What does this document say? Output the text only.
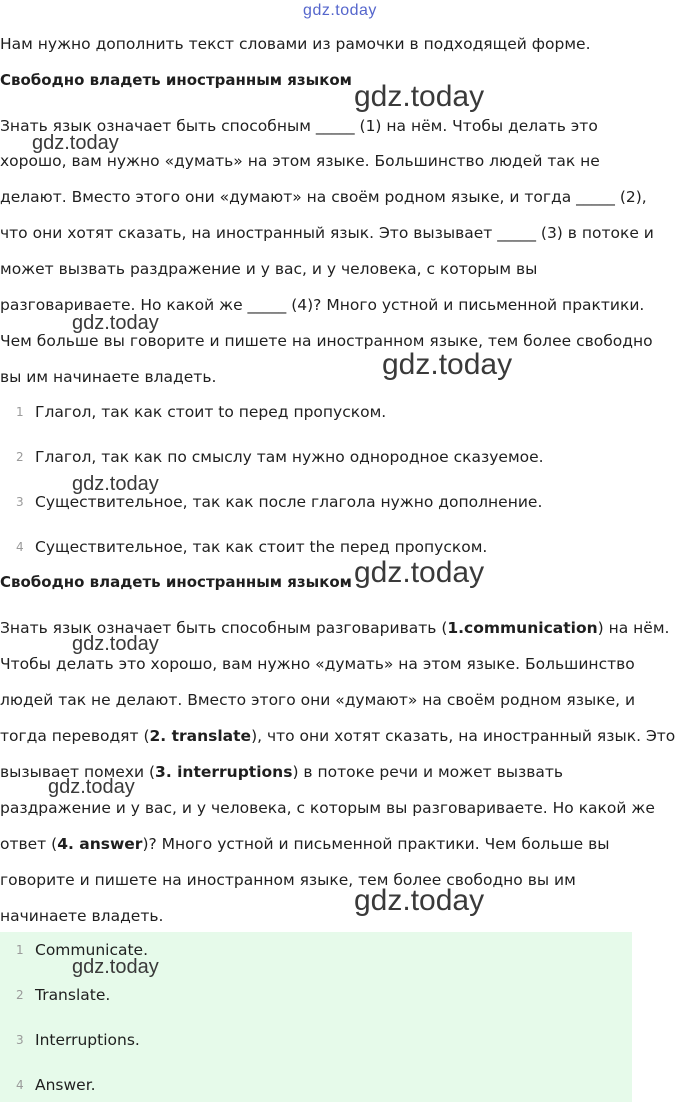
gdz.today

Нам нужно дополнить текст словами из рамочки в подходящей форме.

Свободно владеть иностранным языком

Знать язык означает быть способным _____ (1) на нём. Чтобы делать это

хорошо, вам нужно «думать» на этом языке. Большинство людей так не

делают. Вместо этого они «думают» на своём родном языке, и тогда _____ (2),

что они хотят сказать, на иностранный язык. Это вызывает _____ (3) в потоке и

может вызвать раздражение и у вас, и у человека, с которым вы

разговариваете. Но какой же _____ (4)? Много устной и письменной практики.

Чем больше вы говорите и пишете на иностранном языке, тем более свободно

вы им начинаете владеть.

1 Глагол, так как стоит to перед пропуском.
2 Глагол, так как по смыслу там нужно однородное сказуемое.
3 Существительное, так как после глагола нужно дополнение.
4 Существительное, так как стоит the перед пропуском.

Свободно владеть иностранным языком

Знать язык означает быть способным разговаривать (1.communication) на нём.

Чтобы делать это хорошо, вам нужно «думать» на этом языке. Большинство

людей так не делают. Вместо этого они «думают» на своём родном языке, и

тогда переводят (2. translate), что они хотят сказать, на иностранный язык. Это

вызывает помехи (3. interruptions) в потоке речи и может вызвать

раздражение и у вас, и у человека, с которым вы разговариваете. Но какой же

ответ (4. answer)? Много устной и письменной практики. Чем больше вы

говорите и пишете на иностранном языке, тем более свободно вы им

начинаете владеть.

1 Communicate.
2 Translate.
3 Interruptions.
4 Answer.
gdz.today
gdz.today
gdz.today
gdz.today
gdz.today
gdz.today
gdz.today
gdz.today
gdz.today
gdz.today
